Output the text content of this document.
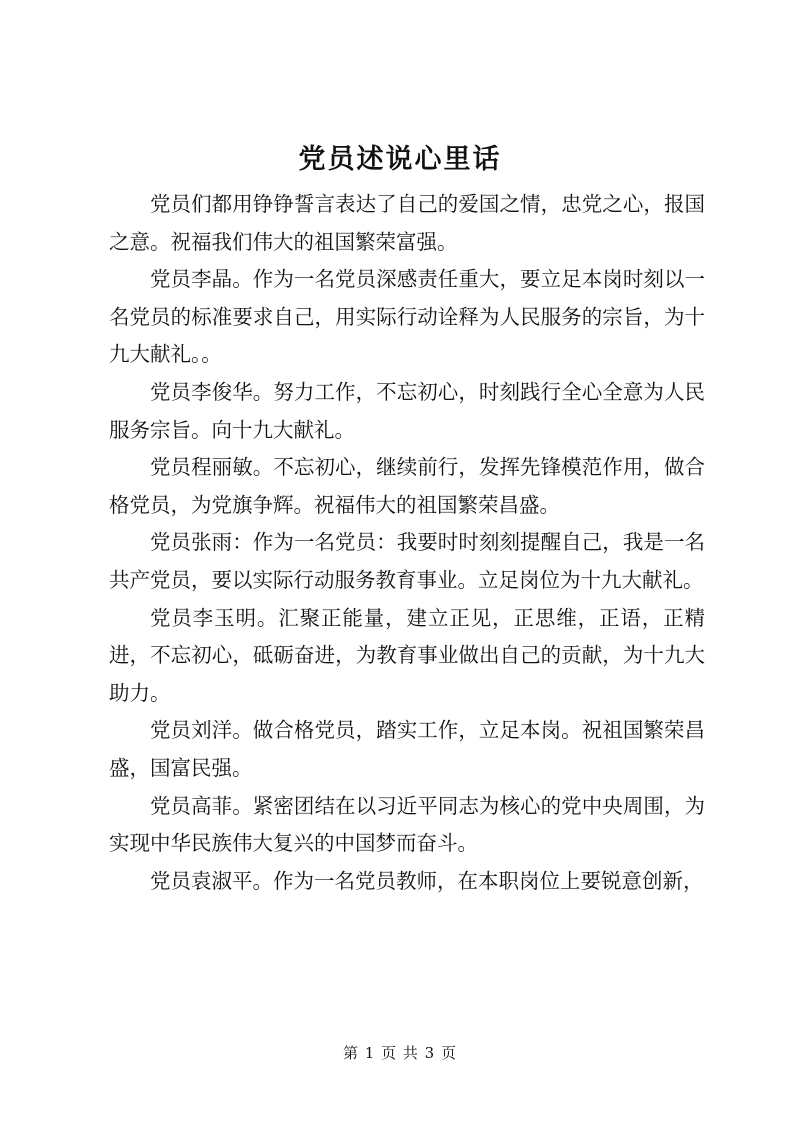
党员述说心里话

党员们都用铮铮誓言表达了自己的爱国之情，忠党之心，报国之意。祝福我们伟大的祖国繁荣富强。

党员李晶。作为一名党员深感责任重大，要立足本岗时刻以一名党员的标准要求自己，用实际行动诠释为人民服务的宗旨，为十九大献礼。。

党员李俊华。努力工作，不忘初心，时刻践行全心全意为人民服务宗旨。向十九大献礼。

党员程丽敏。不忘初心，继续前行，发挥先锋模范作用，做合格党员，为党旗争辉。祝福伟大的祖国繁荣昌盛。

党员张雨：作为一名党员：我要时时刻刻提醒自己，我是一名共产党员，要以实际行动服务教育事业。立足岗位为十九大献礼。

党员李玉明。汇聚正能量，建立正见，正思维，正语，正精进，不忘初心，砥砺奋进，为教育事业做出自己的贡献，为十九大助力。

党员刘洋。做合格党员，踏实工作，立足本岗。祝祖国繁荣昌盛，国富民强。

党员高菲。紧密团结在以习近平同志为核心的党中央周围，为实现中华民族伟大复兴的中国梦而奋斗。

党员袁淑平。作为一名党员教师，在本职岗位上要锐意创新，

第 1 页 共 3 页
